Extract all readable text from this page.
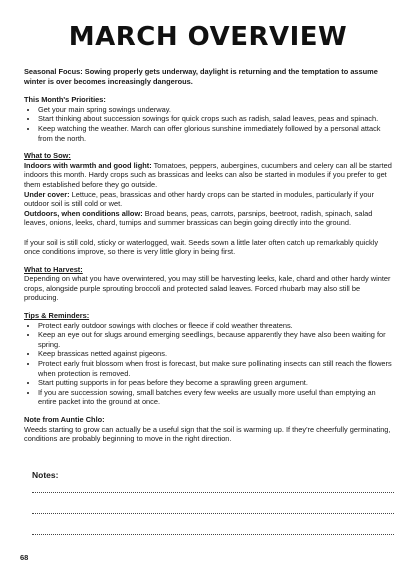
MARCH OVERVIEW

Seasonal Focus: Sowing properly gets underway, daylight is returning and the temptation to assume winter is over becomes increasingly dangerous.

This Month's Priorities:

• Get your main spring sowings underway.
• Start thinking about succession sowings for quick crops such as radish, salad leaves, peas and spinach.
• Keep watching the weather. March can offer glorious sunshine immediately followed by a personal attack from the north.

What to Sow:

Indoors with warmth and good light: Tomatoes, peppers, aubergines, cucumbers and celery can all be started indoors this month. Hardy crops such as brassicas and leeks can also be started in modules if you prefer to get them established before they go outside.

Under cover: Lettuce, peas, brassicas and other hardy crops can be started in modules, particularly if your outdoor soil is still cold or wet.

Outdoors, when conditions allow: Broad beans, peas, carrots, parsnips, beetroot, radish, spinach, salad leaves, onions, leeks, chard, turnips and summer brassicas can begin going directly into the ground.

If your soil is still cold, sticky or waterlogged, wait. Seeds sown a little later often catch up remarkably quickly once conditions improve, so there is very little glory in being first.

What to Harvest:

Depending on what you have overwintered, you may still be harvesting leeks, kale, chard and other hardy winter crops, alongside purple sprouting broccoli and protected salad leaves. Forced rhubarb may also still be producing.

Tips & Reminders:

• Protect early outdoor sowings with cloches or fleece if cold weather threatens.
• Keep an eye out for slugs around emerging seedlings, because apparently they have also been waiting for spring.
• Keep brassicas netted against pigeons.
• Protect early fruit blossom when frost is forecast, but make sure pollinating insects can still reach the flowers when protection is removed.
• Start putting supports in for peas before they become a sprawling green argument.
• If you are succession sowing, small batches every few weeks are usually more useful than emptying an entire packet into the ground at once.

Note from Auntie Chlo:

Weeds starting to grow can actually be a useful sign that the soil is warming up. If they're cheerfully germinating, conditions are probably beginning to move in the right direction.

Notes:
68
